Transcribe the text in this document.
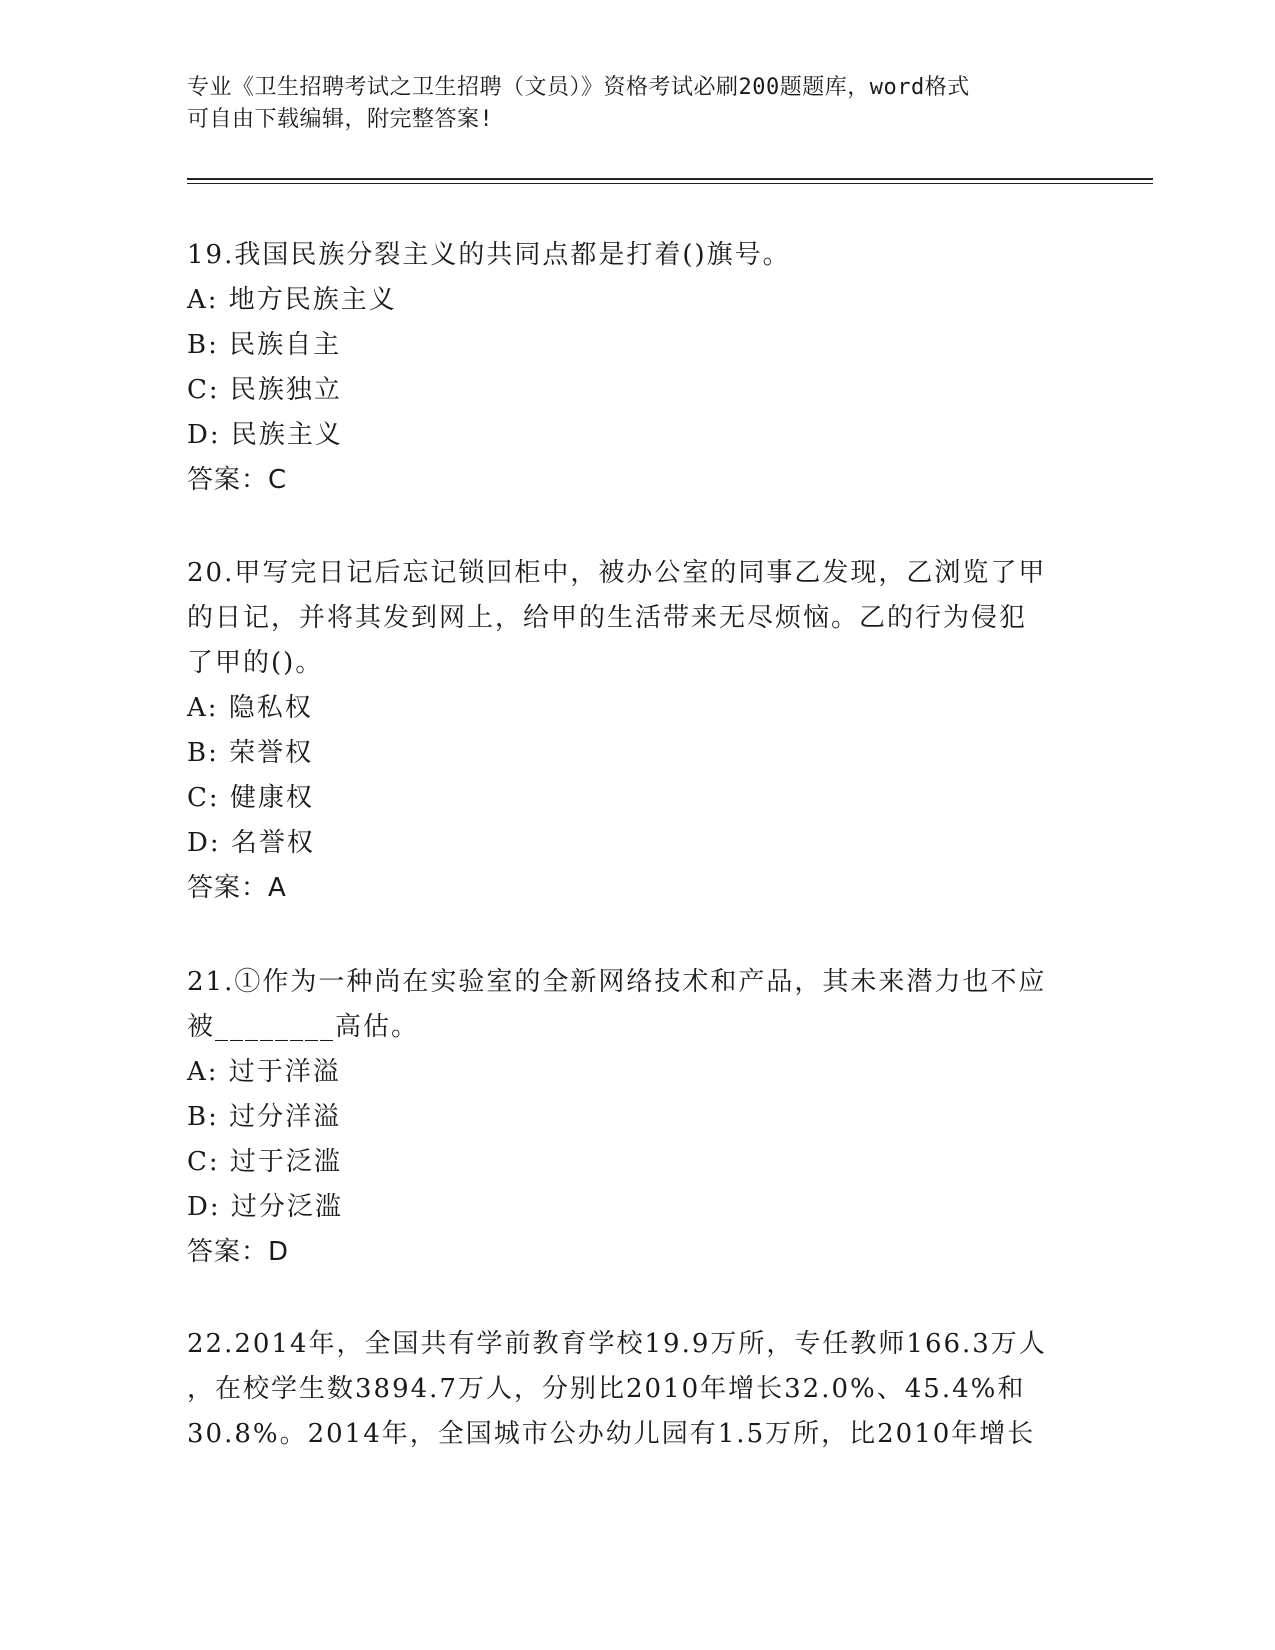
专业《卫生招聘考试之卫生招聘（文员）》资格考试必刷200题题库，word格式
可自由下载编辑，附完整答案!

19.我国民族分裂主义的共同点都是打着()旗号。

A: 地方民族主义

B: 民族自主

C: 民族独立

D: 民族主义

答案：C

20.甲写完日记后忘记锁回柜中，被办公室的同事乙发现，乙浏览了甲

的日记，并将其发到网上，给甲的生活带来无尽烦恼。乙的行为侵犯

了甲的()。

A: 隐私权

B: 荣誉权

C: 健康权

D: 名誉权

答案：A

21.①作为一种尚在实验室的全新网络技术和产品，其未来潜力也不应

被________高估。

A: 过于洋溢

B: 过分洋溢

C: 过于泛滥

D: 过分泛滥

答案：D

22.2014年，全国共有学前教育学校19.9万所，专任教师166.3万人

，在校学生数3894.7万人，分别比2010年增长32.0%、45.4%和

30.8%。2014年，全国城市公办幼儿园有1.5万所，比2010年增长
